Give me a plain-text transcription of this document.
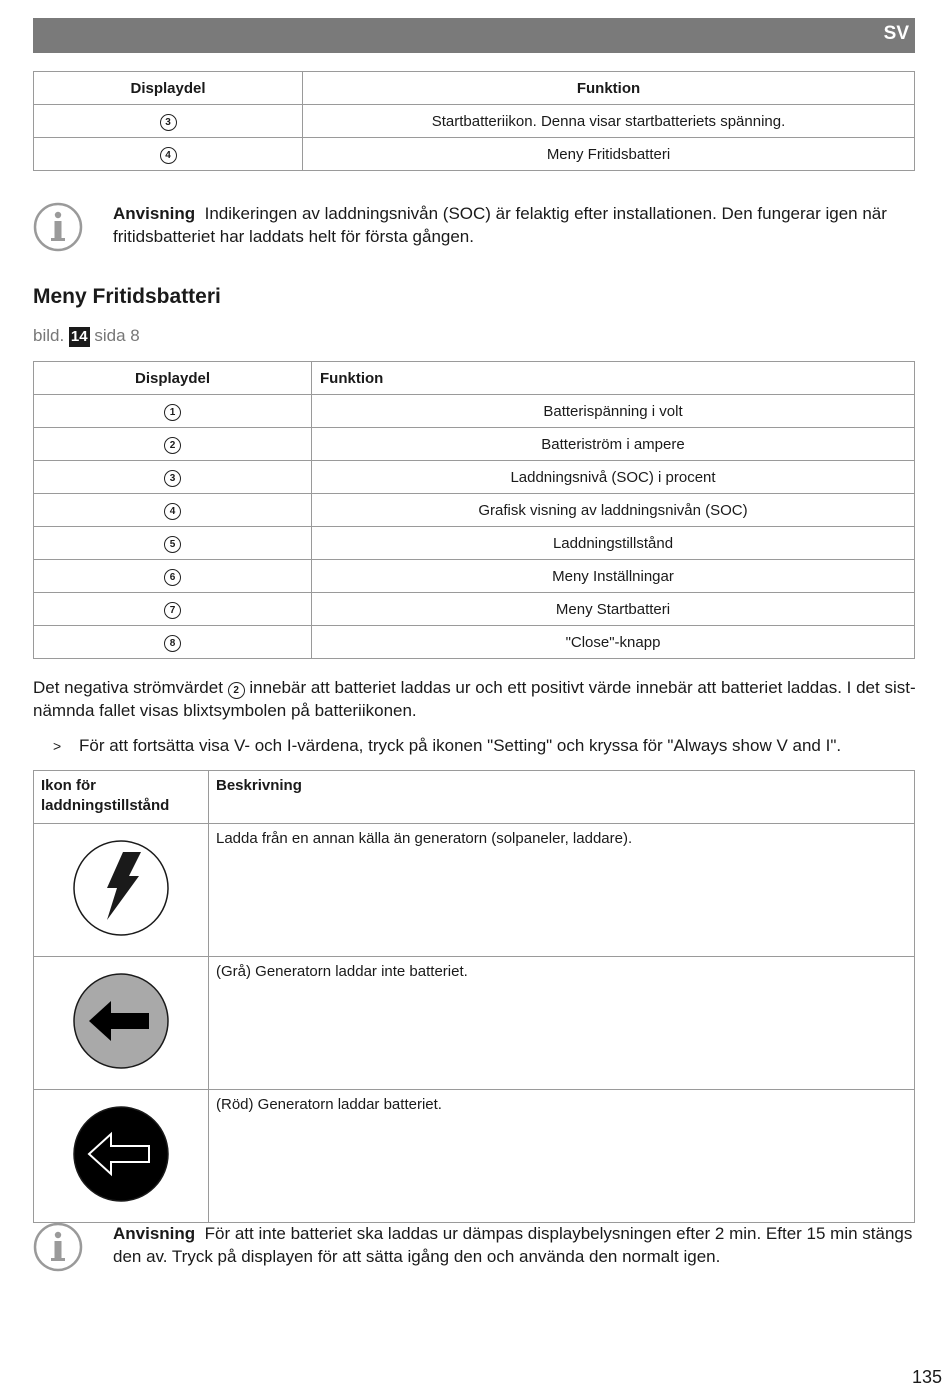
SV
Displaydel	Funktion
3	Startbatteriikon. Denna visar startbatteriets spänning.
4	Meny Fritidsbatteri
Anvisning Indikeringen av laddningsnivån (SOC) är felaktig efter installationen. Den fungerar igen när fritidsbatteriet har laddats helt för första gången.
Meny Fritidsbatteri
bild. 14 sida 8
Displaydel	Funktion
1	Batterispänning i volt
2	Batteriström i ampere
3	Laddningsnivå (SOC) i procent
4	Grafisk visning av laddningsnivån (SOC)
5	Laddningstillstånd
6	Meny Inställningar
7	Meny Startbatteri
8	"Close"-knapp
Det negativa strömvärdet 2 innebär att batteriet laddas ur och ett positivt värde innebär att batteriet laddas. I det sist-nämnda fallet visas blixtsymbolen på batteriikonen.
> För att fortsätta visa V- och I-värdena, tryck på ikonen "Setting" och kryssa för "Always show V and I".
Ikon för laddningstillstånd	Beskrivning
	Ladda från en annan källa än generatorn (solpaneler, laddare).
	(Grå) Generatorn laddar inte batteriet.
	(Röd) Generatorn laddar batteriet.
Anvisning För att inte batteriet ska laddas ur dämpas displaybelysningen efter 2 min. Efter 15 min stängs den av. Tryck på displayen för att sätta igång den och använda den normalt igen.
135
